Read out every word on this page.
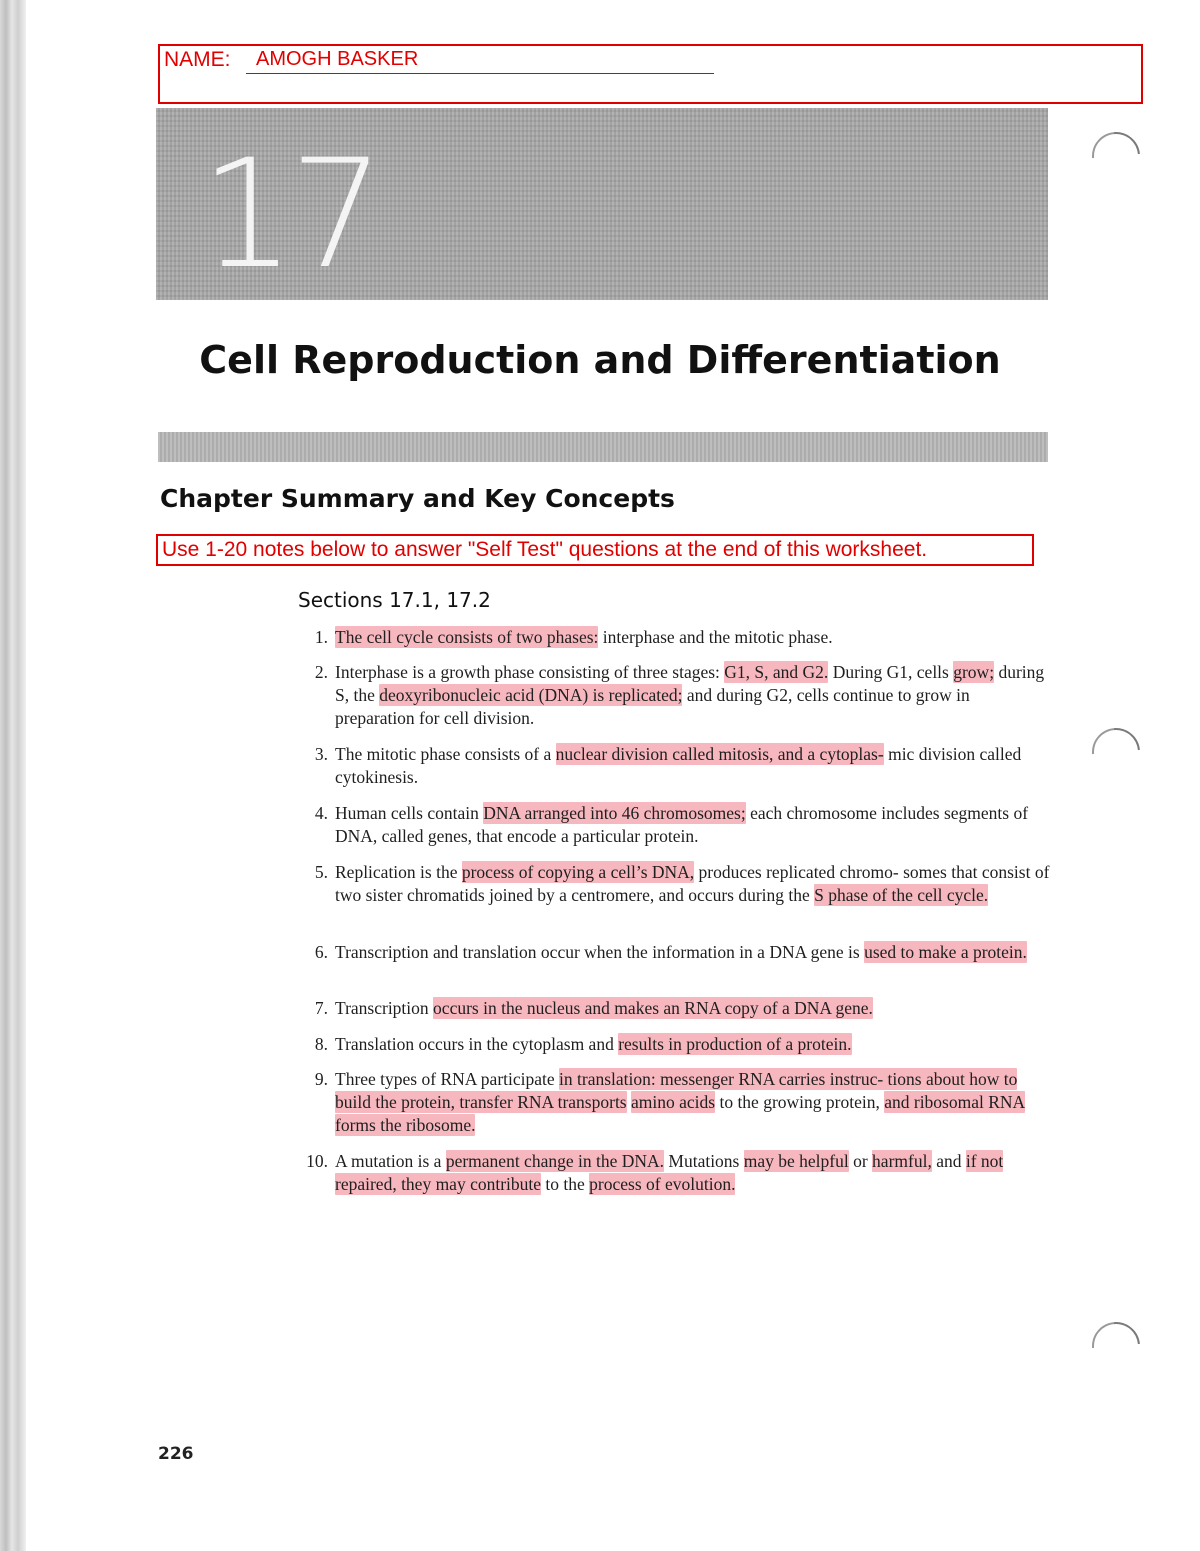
NAME: AMOGH BASKER
17
Cell Reproduction and Differentiation
Chapter Summary and Key Concepts
Use 1-20 notes below to answer "Self Test" questions at the end of this worksheet.
Sections 17.1, 17.2
1. The cell cycle consists of two phases: interphase and the mitotic phase.
2. Interphase is a growth phase consisting of three stages: G1, S, and G2. During G1, cells grow; during S, the deoxyribonucleic acid (DNA) is replicated; and during G2, cells continue to grow in preparation for cell division.
3. The mitotic phase consists of a nuclear division called mitosis, and a cytoplas- mic division called cytokinesis.
4. Human cells contain DNA arranged into 46 chromosomes; each chromosome includes segments of DNA, called genes, that encode a particular protein.
5. Replication is the process of copying a cell’s DNA, produces replicated chromo- somes that consist of two sister chromatids joined by a centromere, and occurs during the S phase of the cell cycle.
6. Transcription and translation occur when the information in a DNA gene is used to make a protein.
7. Transcription occurs in the nucleus and makes an RNA copy of a DNA gene.
8. Translation occurs in the cytoplasm and results in production of a protein.
9. Three types of RNA participate in translation: messenger RNA carries instruc- tions about how to build the protein, transfer RNA transports amino acids to the growing protein, and ribosomal RNA forms the ribosome.
10. A mutation is a permanent change in the DNA. Mutations may be helpful or harmful, and if not repaired, they may contribute to the process of evolution.
226
